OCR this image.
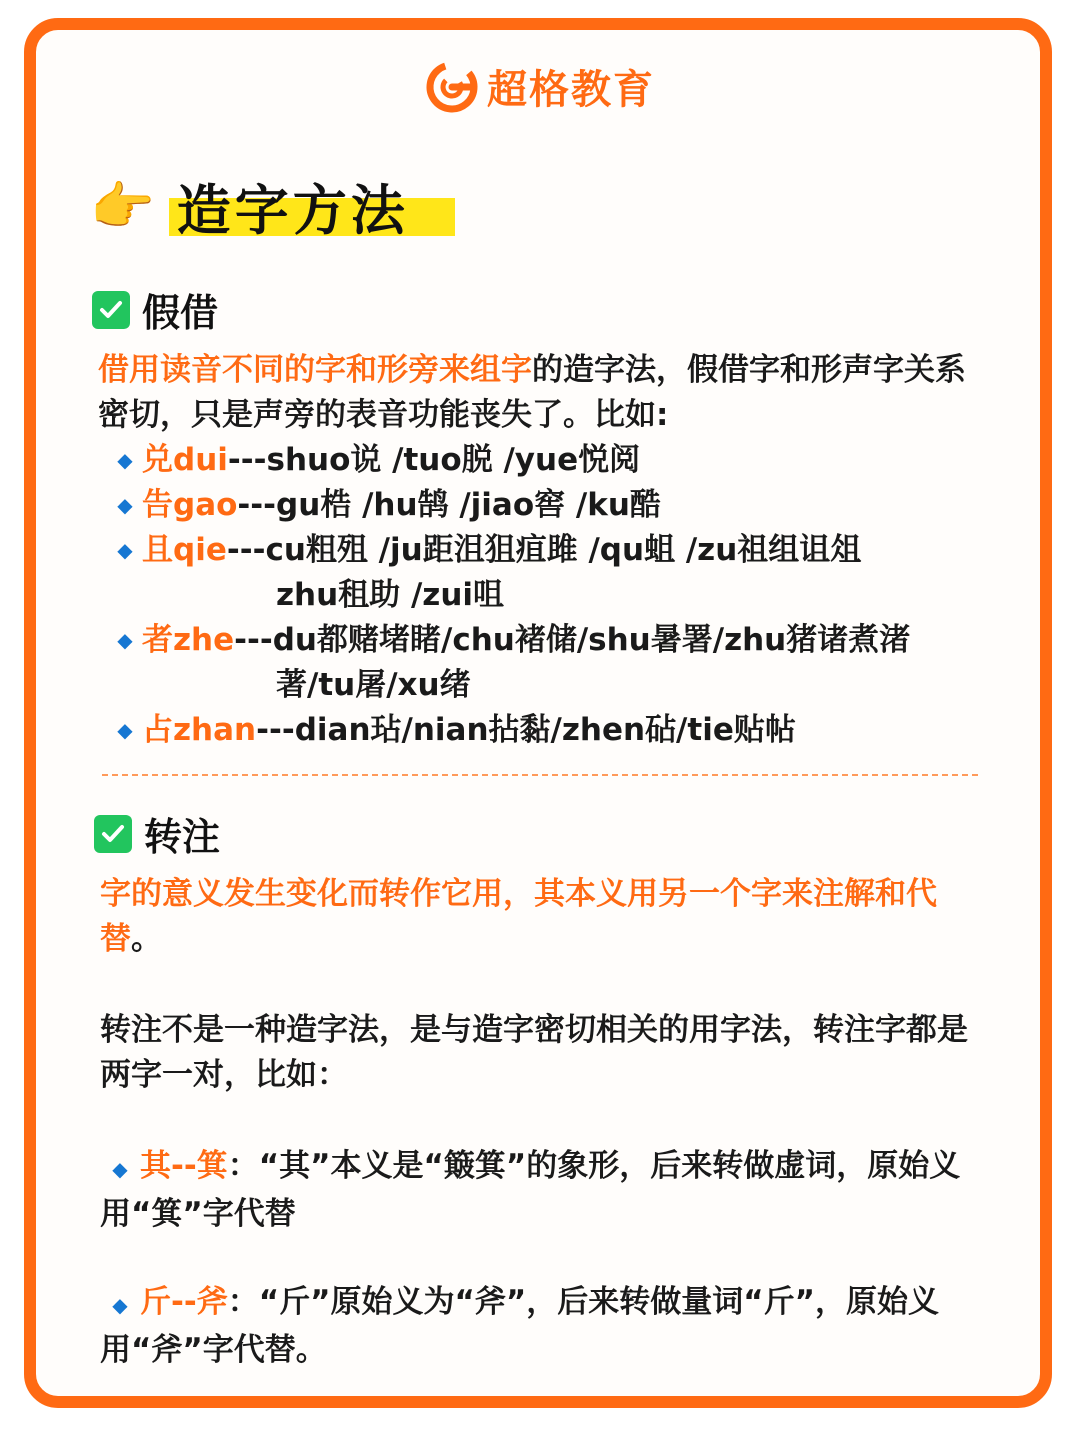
超格教育
👉 造字方法
假借
借用读音不同的字和形旁来组字的造字法，假借字和形声字关系密切，只是声旁的表音功能丧失了。比如:
◆ 兑dui ---shuo说 /tuo脱 /yue悦阅
◆ 告gao ---gu梏 /hu鹄 /jiao窖 /ku酷
◆ 且qie ---cu粗殂 /ju距沮狙疽雎 /qu蛆 /zu祖组诅俎
zhu租助 /zui咀
◆ 者zhe ---du都赌堵睹/chu褚储/shu暑署/zhu猪诸煮渚
著/tu屠/xu绪
◆ 占zhan ---dian玷/nian拈黏/zhen砧/tie贴帖
转注
字的意义发生变化而转作它用，其本义用另一个字来注解和代替。
转注不是一种造字法，是与造字密切相关的用字法，转注字都是两字一对，比如：
◆ 其--箕：“其”本义是“簸箕”的象形，后来转做虚词，原始义用“箕”字代替
◆ 斤--斧：“斤”原始义为“斧”，后来转做量词“斤”，原始义用“斧”字代替。
